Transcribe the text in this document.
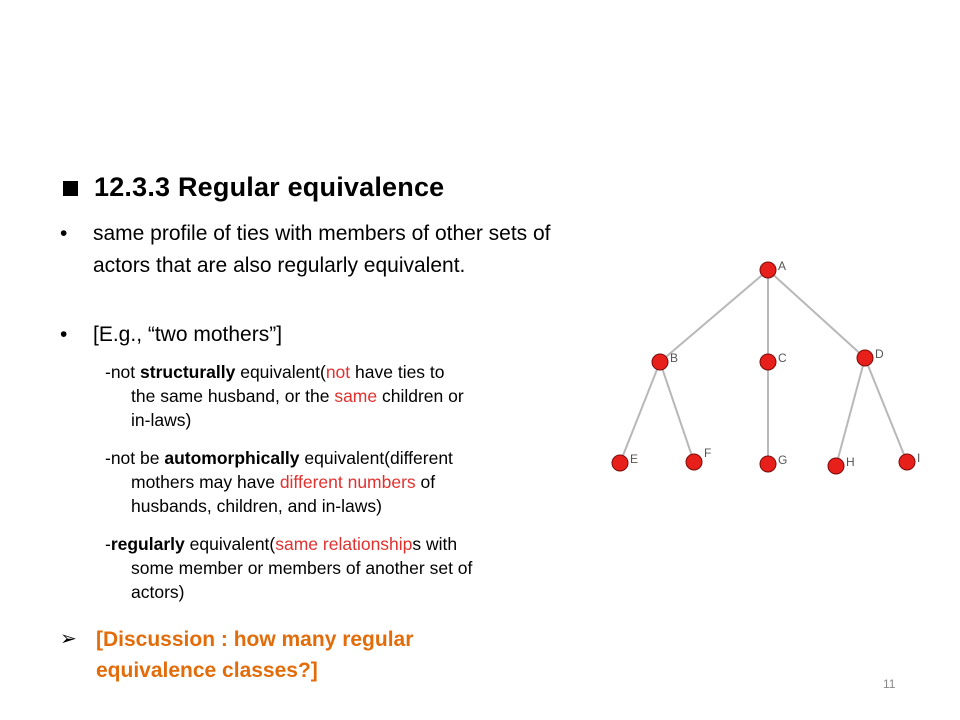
12.3.3 Regular equivalence
• same profile of ties with members of other sets of actors that are also regularly equivalent.
• [E.g., “two mothers”]
-not structurally equivalent(not have ties to
the same husband, or the same children or
in-laws)
-not be automorphically equivalent(different
mothers may have different numbers of
husbands, children, and in-laws)
-regularly equivalent(same relationships with
some member or members of another set of
actors)
➢ [Discussion : how many regular
equivalence classes?]
A
B	C	D
E	F	G	H	I
11
